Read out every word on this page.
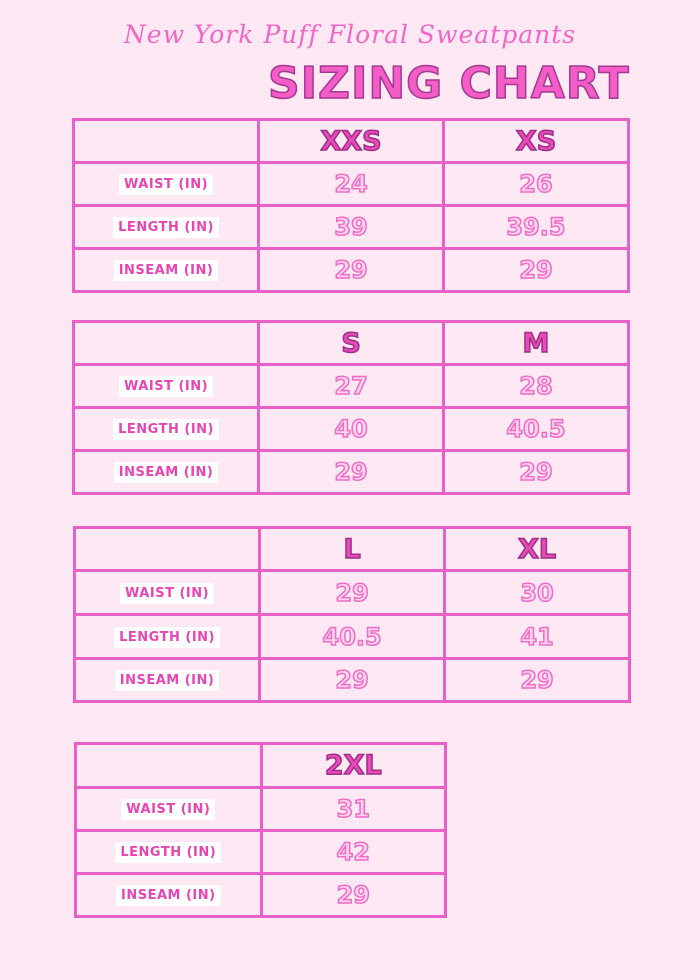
New York Puff Floral Sweatpants
SIZING CHART
	XXS	XS
WAIST (IN)	24	26
LENGTH (IN)	39	39.5
INSEAM (IN)	29	29
	S	M
WAIST (IN)	27	28
LENGTH (IN)	40	40.5
INSEAM (IN)	29	29
	L	XL
WAIST (IN)	29	30
LENGTH (IN)	40.5	41
INSEAM (IN)	29	29
	2XL
WAIST (IN)	31
LENGTH (IN)	42
INSEAM (IN)	29
